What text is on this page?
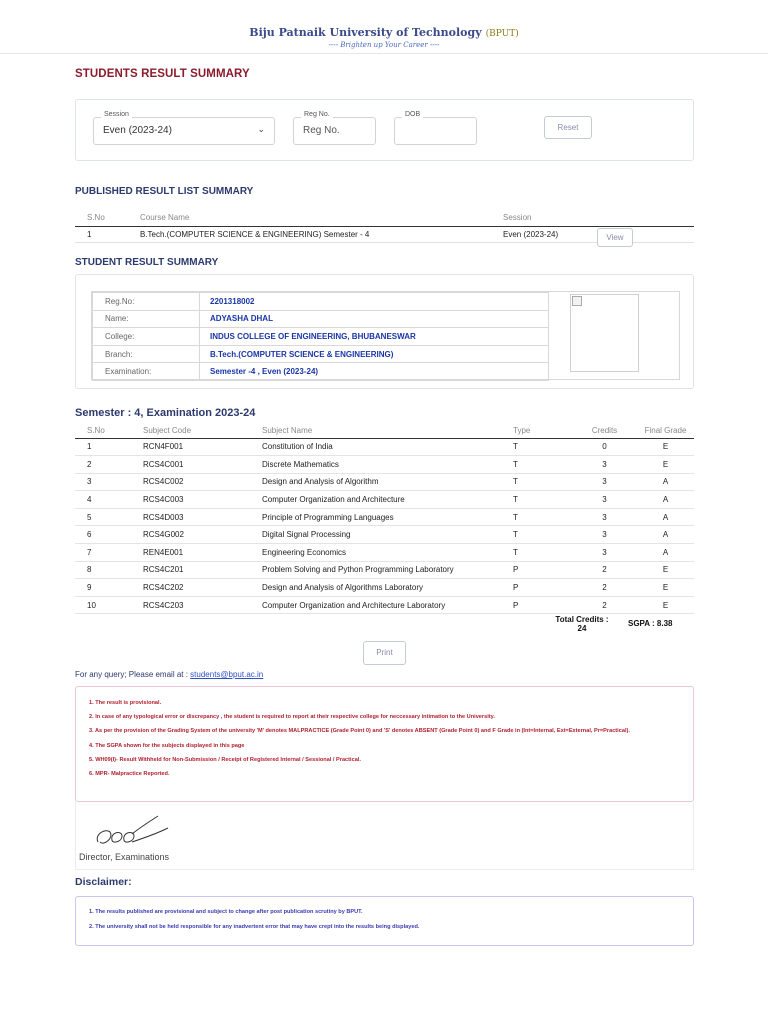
Biju Patnaik University of Technology (BPUT)
---- Brighten up Your Career ----
STUDENTS RESULT SUMMARY
Session
Even (2023-24)	⌄
Reg No.
Reg No.
DOB
Reset
PUBLISHED RESULT LIST SUMMARY
S.No	Course Name	Session
1	B.Tech.(COMPUTER SCIENCE & ENGINEERING) Semester - 4	Even (2023-24) View
STUDENT RESULT SUMMARY
Reg.No:	2201318002
Name:	ADYASHA DHAL
College:	INDUS COLLEGE OF ENGINEERING, BHUBANESWAR
Branch:	B.Tech.(COMPUTER SCIENCE & ENGINEERING)
Examination:	Semester -4 , Even (2023-24)
Semester : 4, Examination 2023-24
S.No	Subject Code	Subject Name	Type	Credits	Final Grade
1	RCN4F001	Constitution of India	T	0	E
2	RCS4C001	Discrete Mathematics	T	3	E
3	RCS4C002	Design and Analysis of Algorithm	T	3	A
4	RCS4C003	Computer Organization and Architecture	T	3	A
5	RCS4D003	Principle of Programming Languages	T	3	A
6	RCS4G002	Digital Signal Processing	T	3	A
7	REN4E001	Engineering Economics	T	3	A
8	RCS4C201	Problem Solving and Python Programming Laboratory	P	2	E
9	RCS4C202	Design and Analysis of Algorithms Laboratory	P	2	E
10	RCS4C203	Computer Organization and Architecture Laboratory	P	2	E
Total Credits :
24
SGPA : 8.38
Print
For any query; Please email at : students@bput.ac.in
1. The result is provisional.
2. In case of any typological error or discrepancy , the student is required to report at their respective college for neccessary intimation to the University.
3. As per the provision of the Grading System of the university 'M' denotes MALPRACTICE (Grade Point 0) and 'S' denotes ABSENT (Grade Point 0) and F Grade in (Int=Internal, Ext=External, Pr=Practical).
4. The SGPA shown for the subjects displayed in this page
5. WH09(I)- Result Withheld for Non-Submission / Receipt of Registered Internal / Sessional / Practical.
6. MPR- Malpractice Reported.
Director, Examinations
Disclaimer:
1. The results published are provisional and subject to change after post publication scrutiny by BPUT.
2. The university shall not be held responsible for any inadvertent error that may have crept into the results being displayed.
